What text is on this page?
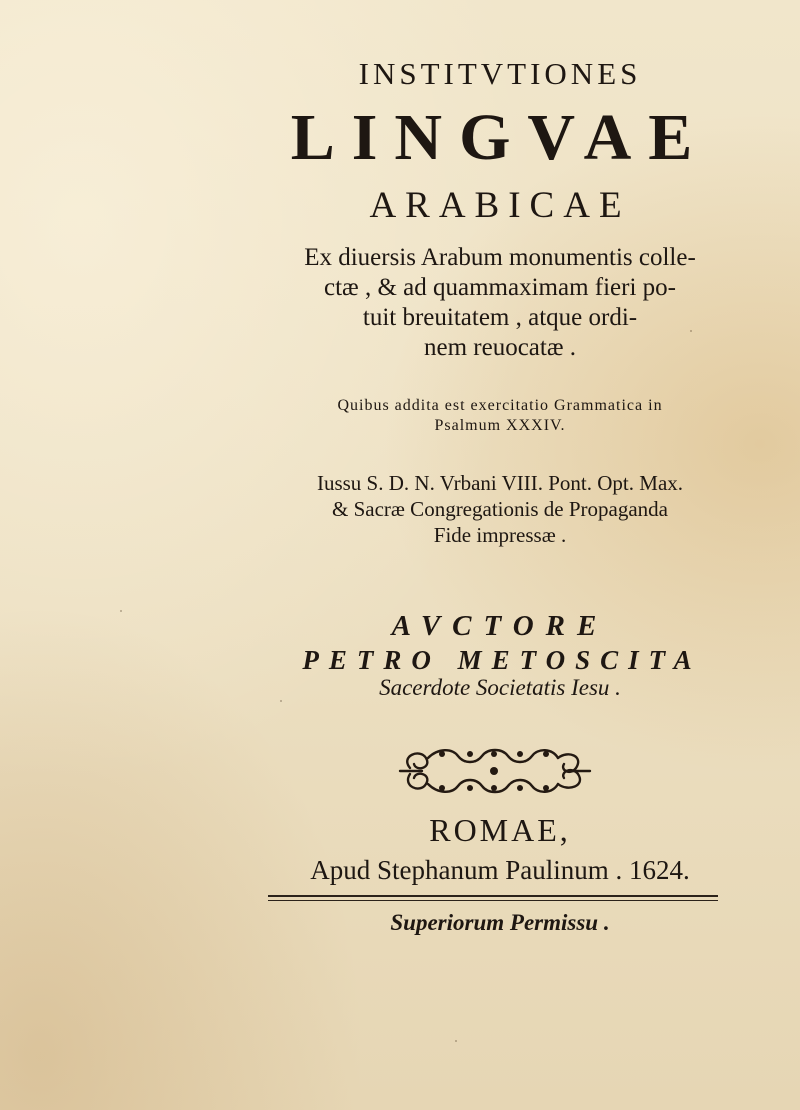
INSTITVTIONES
LINGVAE
ARABICAE
Ex diuersis Arabum monumentis colle-
ctæ , & ad quammaximam fieri po-
tuit breuitatem , atque ordi-
nem reuocatæ .
Quibus addita est exercitatio Grammatica in
Psalmum XXXIV.
Iussu S. D. N. Vrbani VIII. Pont. Opt. Max.
& Sacræ Congregationis de Propaganda
Fide impressæ .
AVCTORE
PETRO METOSCITA
Sacerdote Societatis Iesu .
ROMAE,
Apud Stephanum Paulinum . 1624.
Superiorum Permissu .
